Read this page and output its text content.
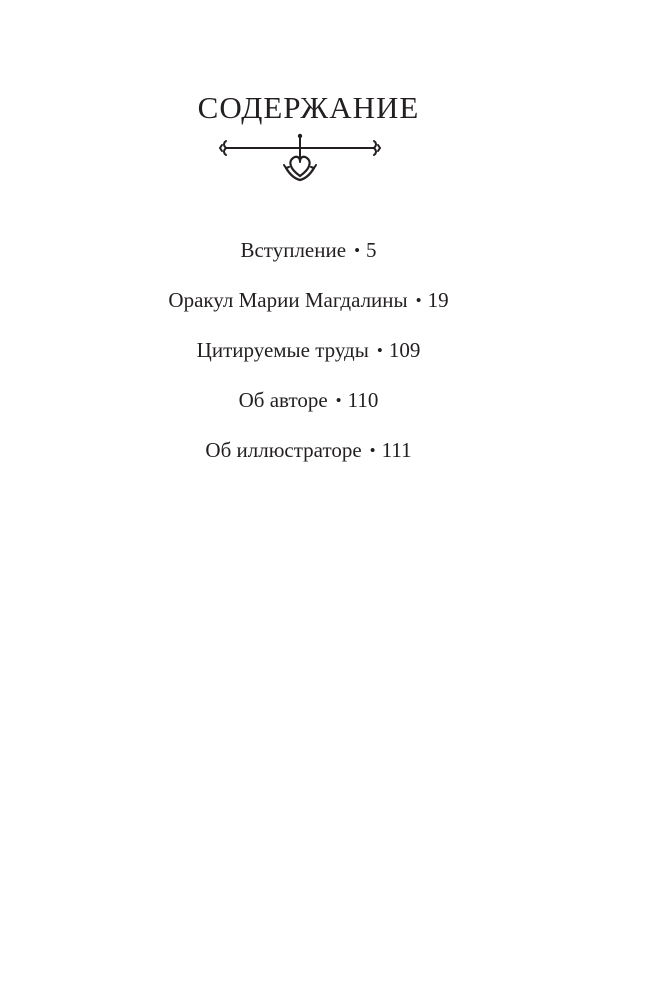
СОДЕРЖАНИЕ
Вступление • 5
Оракул Марии Магдалины • 19
Цитируемые труды • 109
Об авторе • 110
Об иллюстраторе • 111
